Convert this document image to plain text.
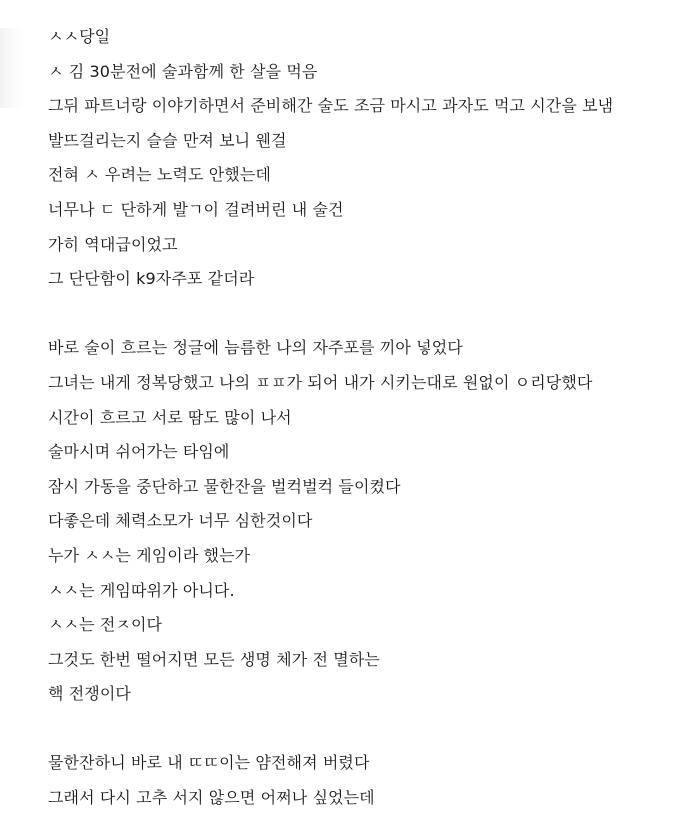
ㅅㅅ당일
ㅅ 김 30분전에 술과함께 한 살을 먹음
그뒤 파트너랑 이야기하면서 준비해간 술도 조금 마시고 과자도 먹고 시간을 보냄
발뜨걸리는지 슬슬 만져 보니 웬걸
전혀 ㅅ 우려는 노력도 안했는데
너무나 ㄷ 단하게 발ㄱ이 걸려버린 내 술건
가히 역대급이었고
그 단단함이 k9자주포 같더라
바로 술이 흐르는 정글에 늠름한 나의 자주포를 끼아 넣었다
그녀는 내게 정복당했고 나의 ㅍㅍ가 되어 내가 시키는대로 원없이 ㅇ리당했다
시간이 흐르고 서로 땀도 많이 나서
술마시며 쉬어가는 타임에
잠시 가동을 중단하고 물한잔을 벌컥벌컥 들이켰다
다좋은데 체력소모가 너무 심한것이다
누가 ㅅㅅ는 게임이라 했는가
ㅅㅅ는 게임따위가 아니다.
ㅅㅅ는 전ㅈ이다
그것도 한번 떨어지면 모든 생명 체가 전 멸하는
핵 전쟁이다
물한잔하니 바로 내 ㄸㄸ이는 얌전해져 버렸다
그래서 다시 고추 서지 않으면 어쩌나 싶었는데
